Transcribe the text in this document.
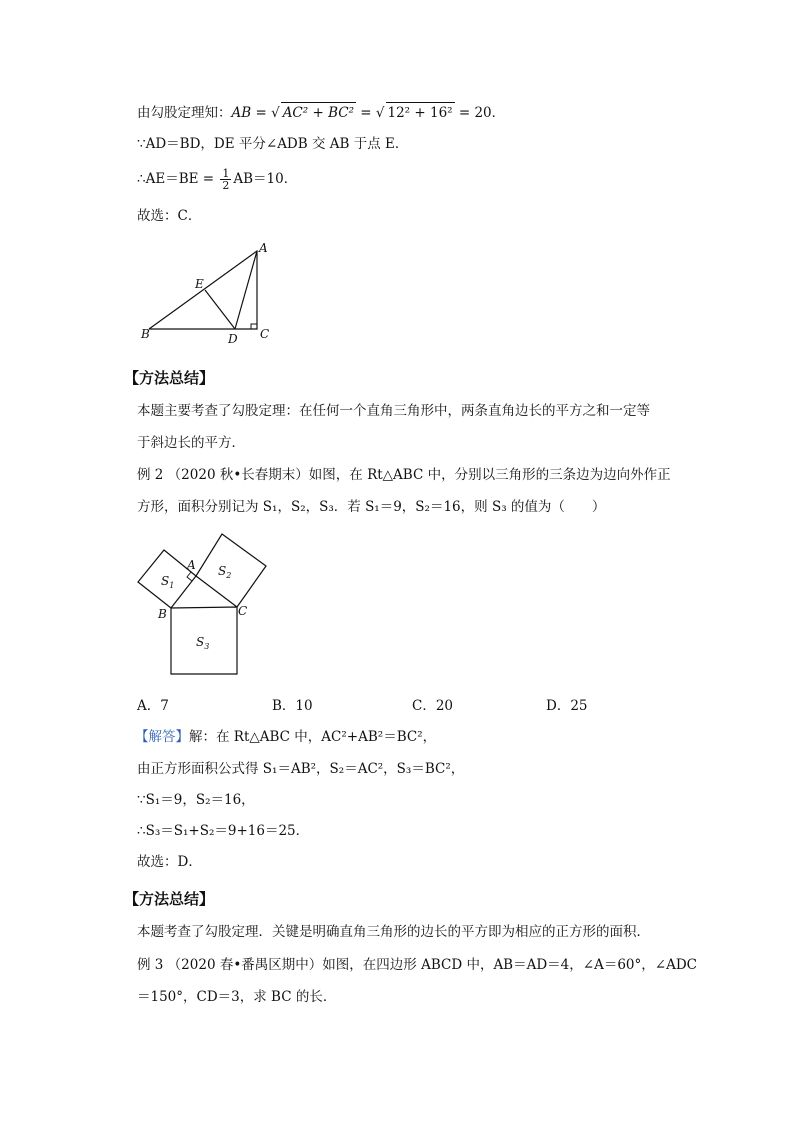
由勾股定理知：AB = √ AC² + BC² = √ 12² + 16² = 20．
∵AD＝BD，DE 平分∠ADB 交 AB 于点 E．
∴AE＝BE = $\frac{1}{2} AB=10$．
故选：C．
A
E
B	D C
【方法总结】
本题主要考查了勾股定理：在任何一个直角三角形中，两条直角边长的平方之和一定等
于斜边长的平方．
例 2 （2020 秋•长春期末）如图，在 Rt△ABC 中，分别以三角形的三条边为边向外作正
方形，面积分别记为 S₁，S₂，S₃．若 S₁＝9，S₂＝16，则 S₃ 的值为（　　）
$S_1$
$S_2$
$S_3$
A
B	C
A．7	B．10	C．20	D．25
【解答】解：在 Rt△ABC 中，AC²+AB²＝BC²，
由正方形面积公式得 S₁＝AB²，S₂＝AC²，S₃＝BC²，
∵S₁＝9，S₂＝16，
∴S₃＝S₁+S₂＝9+16＝25．
故选：D．
【方法总结】
本题考查了勾股定理．关键是明确直角三角形的边长的平方即为相应的正方形的面积．
例 3 （2020 春•番禺区期中）如图，在四边形 ABCD 中，AB＝AD＝4，∠A＝60°，∠ADC
＝150°，CD＝3，求 BC 的长．
